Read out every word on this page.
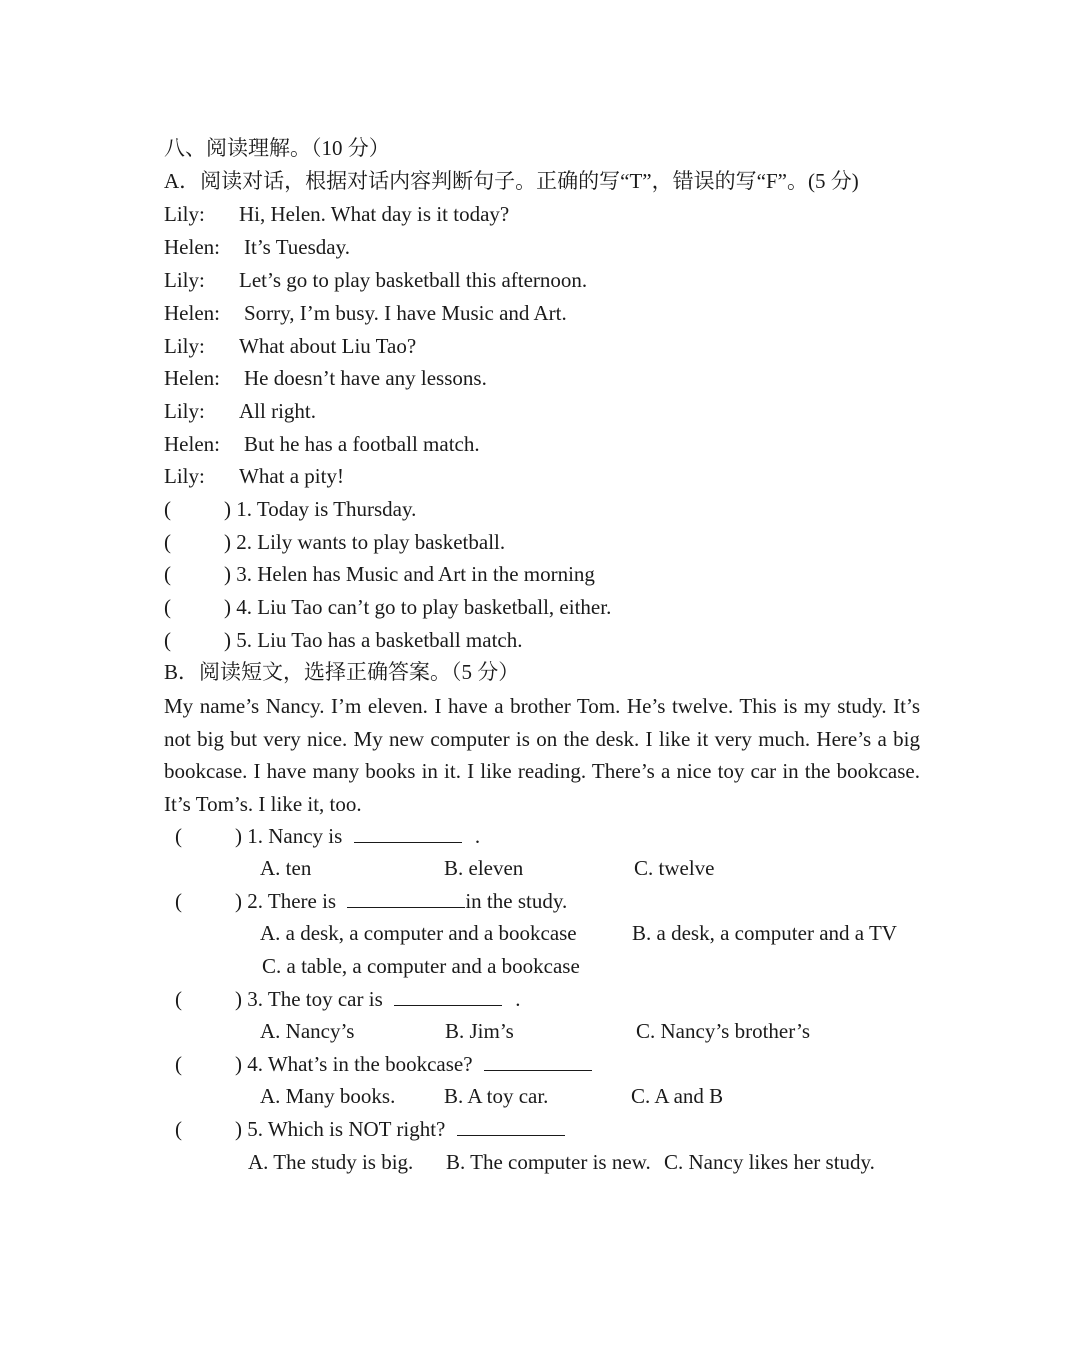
八、阅读理解。（10 分）
A．阅读对话，根据对话内容判断句子。正确的写“T”，错误的写“F”。(5 分)
Lily: Hi, Helen. What day is it today?
Helen: It’s Tuesday.
Lily: Let’s go to play basketball this afternoon.
Helen: Sorry, I’m busy. I have Music and Art.
Lily: What about Liu Tao?
Helen: He doesn’t have any lessons.
Lily: All right.
Helen: But he has a football match.
Lily: What a pity!
(	) 1. Today is Thursday.
(	) 2. Lily wants to play basketball.
(	) 3. Helen has Music and Art in the morning
(	) 4. Liu Tao can’t go to play basketball, either.
(	) 5. Liu Tao has a basketball match.
B．阅读短文，选择正确答案。（5 分）
My name’s Nancy. I’m eleven. I have a brother Tom. He’s twelve. This is my study. It’s not big but very nice. My new computer is on the desk. I like it very much. Here’s a big bookcase. I have many books in it. I like reading. There’s a nice toy car in the bookcase. It’s Tom’s. I like it, too.
(	) 1. Nancy is	.
A. ten	B. eleven	C. twelve
(	) 2. There is	in the study.
A. a desk, a computer and a bookcase	B. a desk, a computer and a TV
C. a table, a computer and a bookcase
(	) 3. The toy car is	.
A. Nancy’s	B. Jim’s	C. Nancy’s brother’s
(	) 4. What’s in the bookcase?
A. Many books. B. A toy car.	C. A and B
(	) 5. Which is NOT right?
A. The study is big. B. The computer is new. C. Nancy likes her study.
